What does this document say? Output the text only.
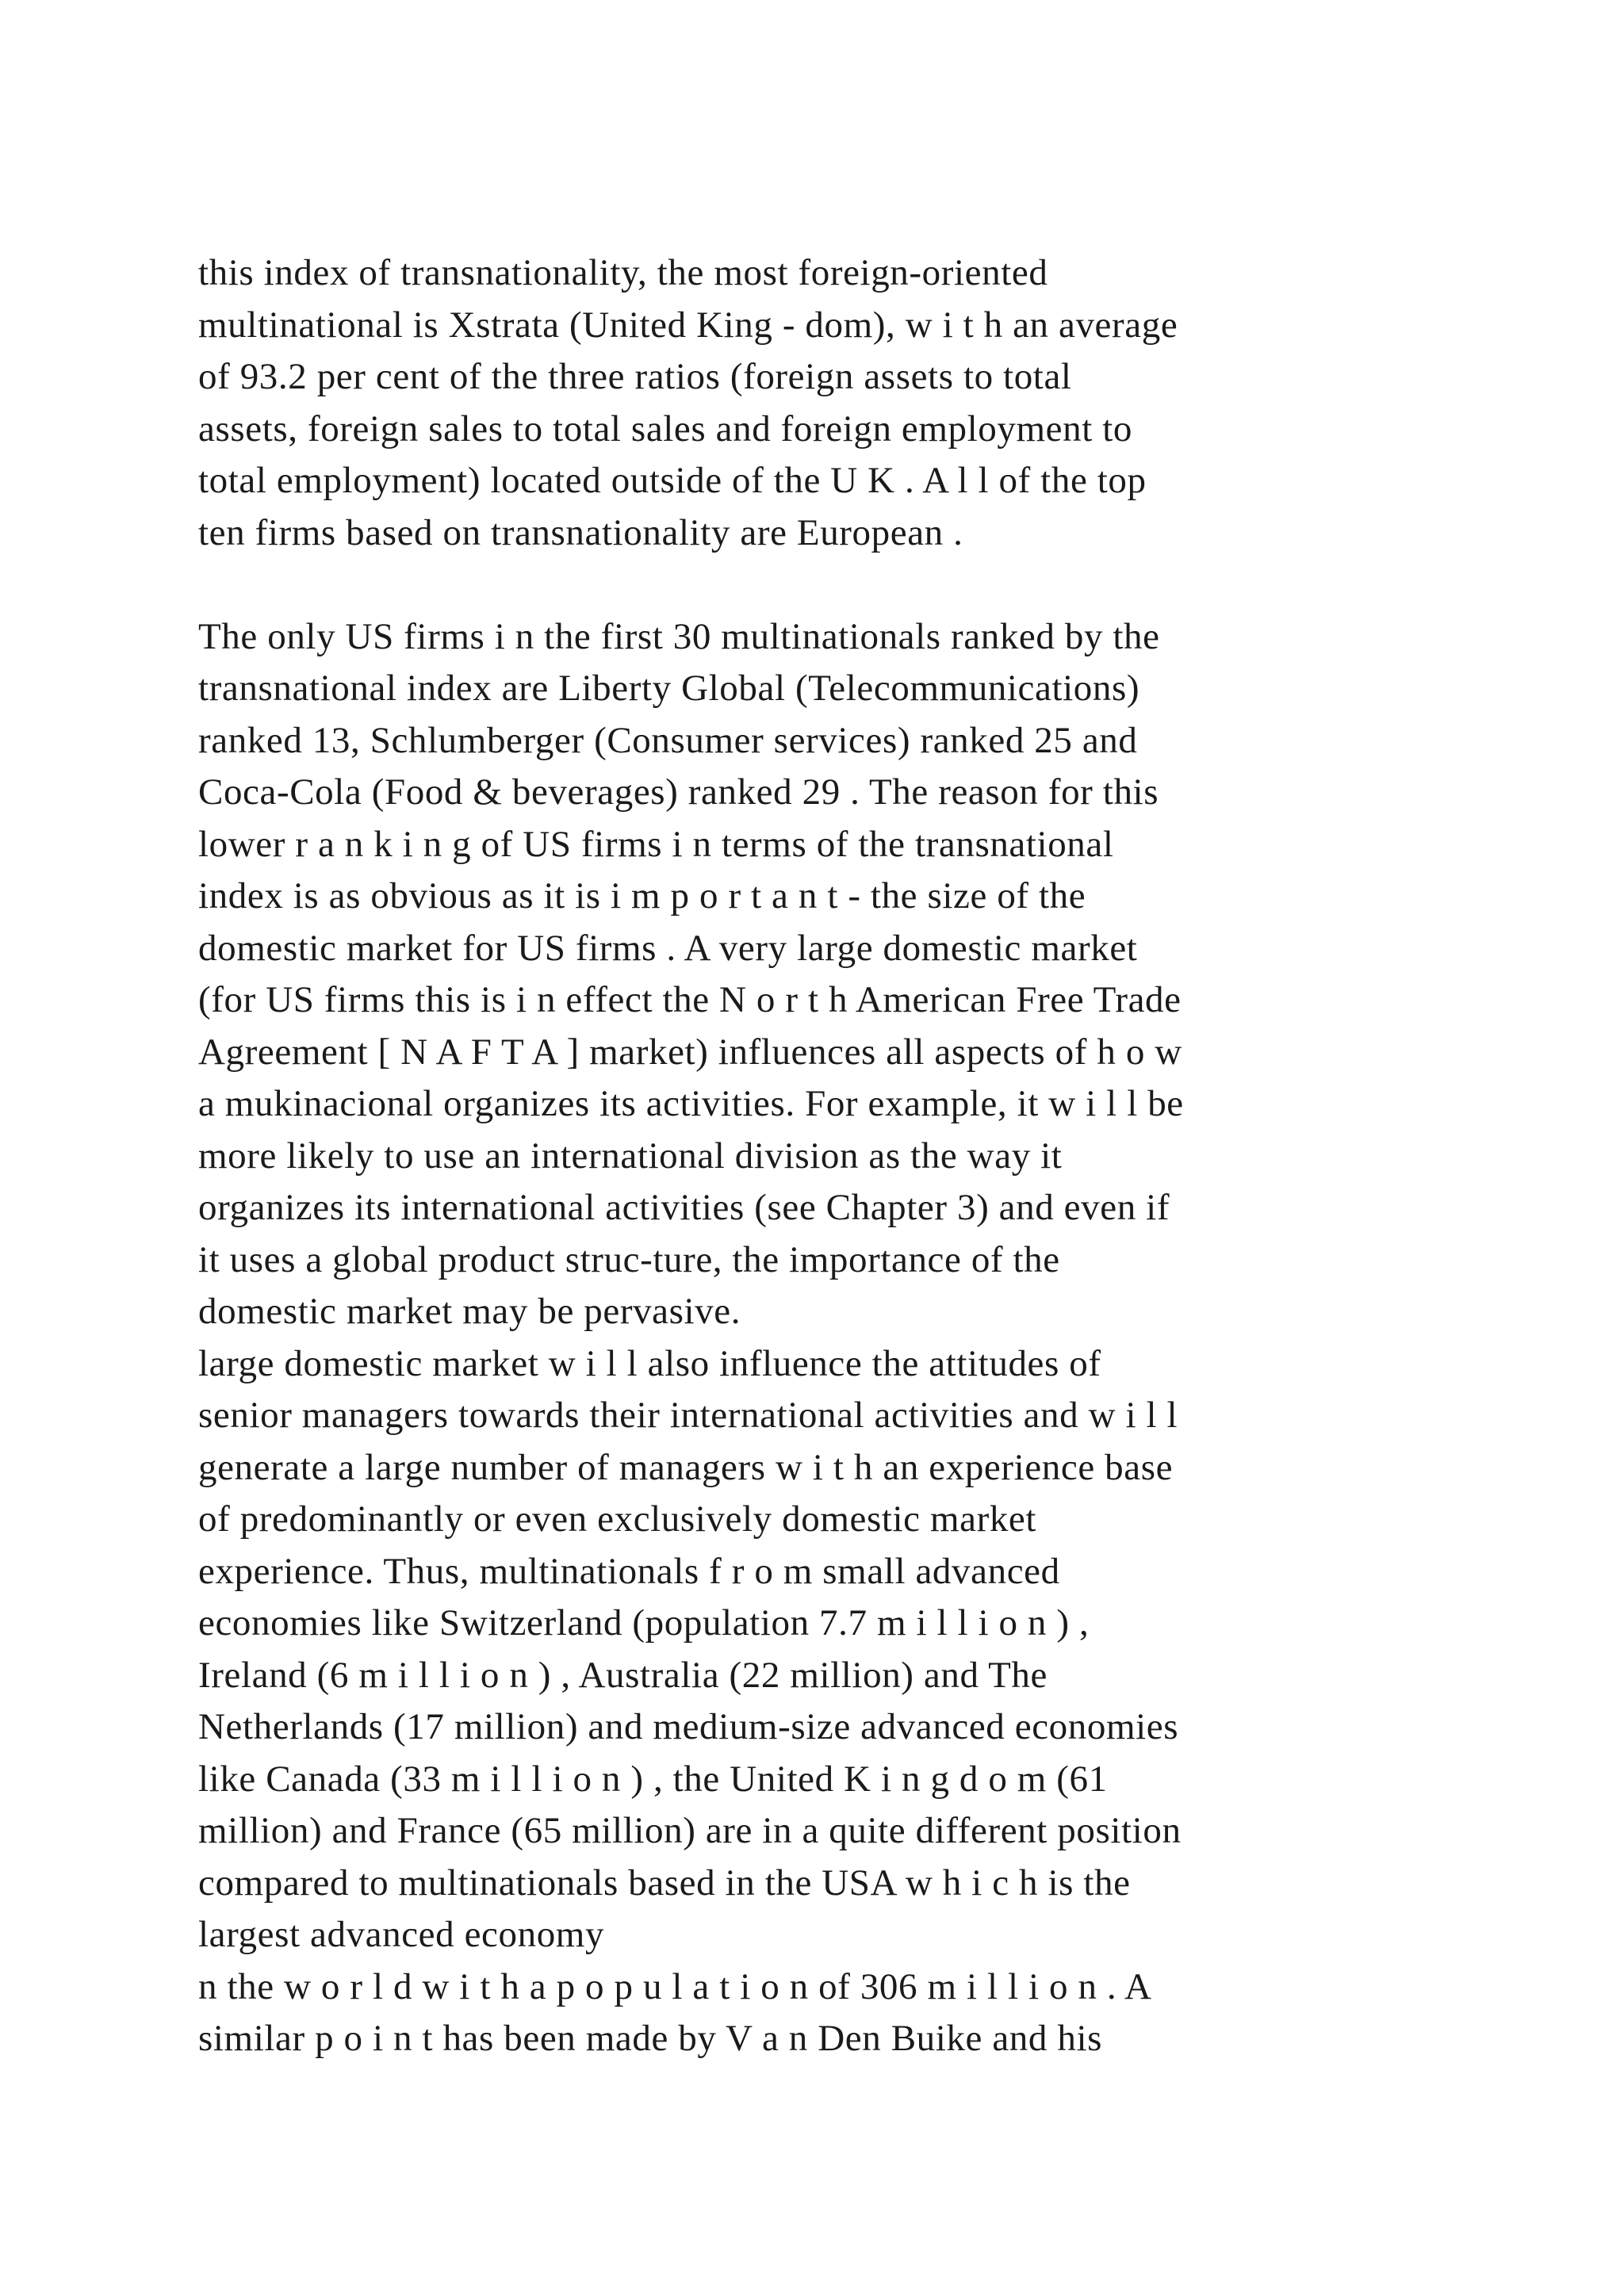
this index of transnationality, the most foreign-oriented
multinational is Xstrata (United King - dom), w i t h an average
of 93.2 per cent of the three ratios (foreign assets to total
assets, foreign sales to total sales and foreign employment to
total employment) located outside of the U K . A l l of the top
ten firms based on transnationality are European .
The only US firms i n the first 30 multinationals ranked by the
transnational index are Liberty Global (Telecommunications)
ranked 13, Schlumberger (Consumer services) ranked 25 and
Coca-Cola (Food & beverages) ranked 29 . The reason for this
lower r a n k i n g of US firms i n terms of the transnational
index is as obvious as it is i m p o r t a n t - the size of the
domestic market for US firms . A very large domestic market
(for US firms this is i n effect the N o r t h American Free Trade
Agreement [ N A F T A ] market) influences all aspects of h o w
a mukinacional organizes its activities. For example, it w i l l be
more likely to use an international division as the way it
organizes its international activities (see Chapter 3) and even if
it uses a global product struc-ture, the importance of the
domestic market may be pervasive.
large domestic market w i l l also influence the attitudes of
senior managers towards their international activities and w i l l
generate a large number of managers w i t h an experience base
of predominantly or even exclusively domestic market
experience. Thus, multinationals f r o m small advanced
economies like Switzerland (population 7.7 m i l l i o n ) ,
Ireland (6 m i l l i o n ) , Australia (22 million) and The
Netherlands (17 million) and medium-size advanced economies
like Canada (33 m i l l i o n ) , the United K i n g d o m (61
million) and France (65 million) are in a quite different position
compared to multinationals based in the USA w h i c h is the
largest advanced economy
n the w o r l d w i t h a p o p u l a t i o n of 306 m i l l i o n . A
similar p o i n t has been made by V a n Den Buike and his
